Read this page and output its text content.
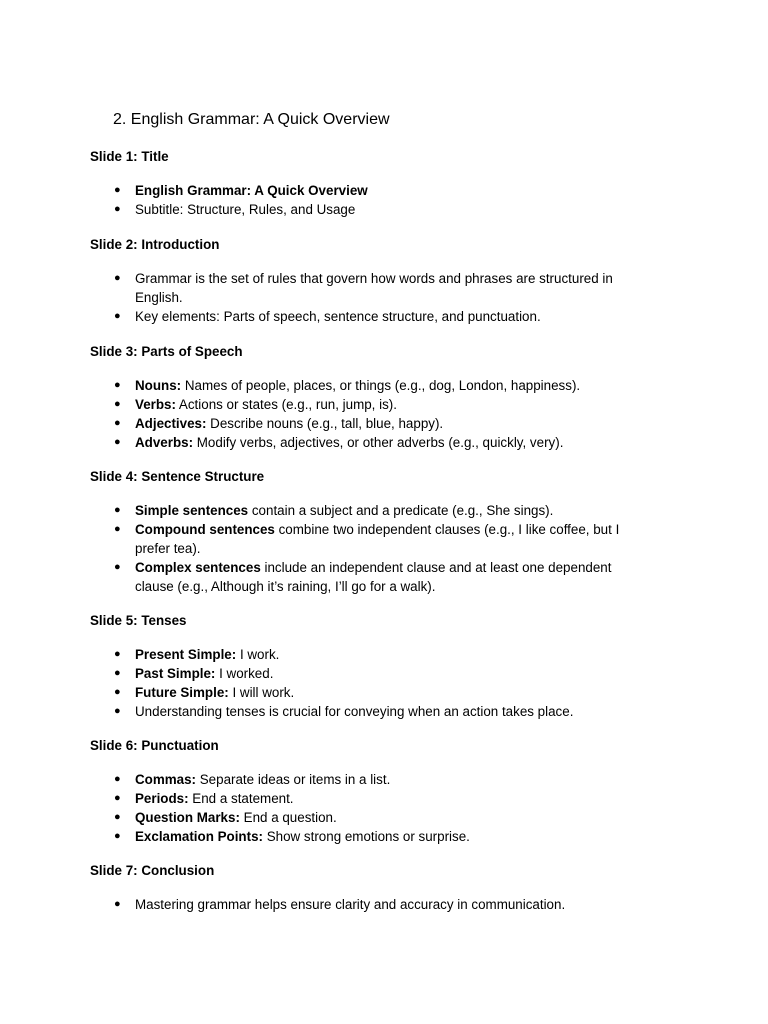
2. English Grammar: A Quick Overview
Slide 1: Title
● English Grammar: A Quick Overview
● Subtitle: Structure, Rules, and Usage
Slide 2: Introduction
● Grammar is the set of rules that govern how words and phrases are structured in English.
● Key elements: Parts of speech, sentence structure, and punctuation.
Slide 3: Parts of Speech
● Nouns: Names of people, places, or things (e.g., dog, London, happiness).
● Verbs: Actions or states (e.g., run, jump, is).
● Adjectives: Describe nouns (e.g., tall, blue, happy).
● Adverbs: Modify verbs, adjectives, or other adverbs (e.g., quickly, very).
Slide 4: Sentence Structure
● Simple sentences contain a subject and a predicate (e.g., She sings).
● Compound sentences combine two independent clauses (e.g., I like coffee, but I prefer tea).
● Complex sentences include an independent clause and at least one dependent clause (e.g., Although it’s raining, I’ll go for a walk).
Slide 5: Tenses
● Present Simple: I work.
● Past Simple: I worked.
● Future Simple: I will work.
● Understanding tenses is crucial for conveying when an action takes place.
Slide 6: Punctuation
● Commas: Separate ideas or items in a list.
● Periods: End a statement.
● Question Marks: End a question.
● Exclamation Points: Show strong emotions or surprise.
Slide 7: Conclusion
● Mastering grammar helps ensure clarity and accuracy in communication.
